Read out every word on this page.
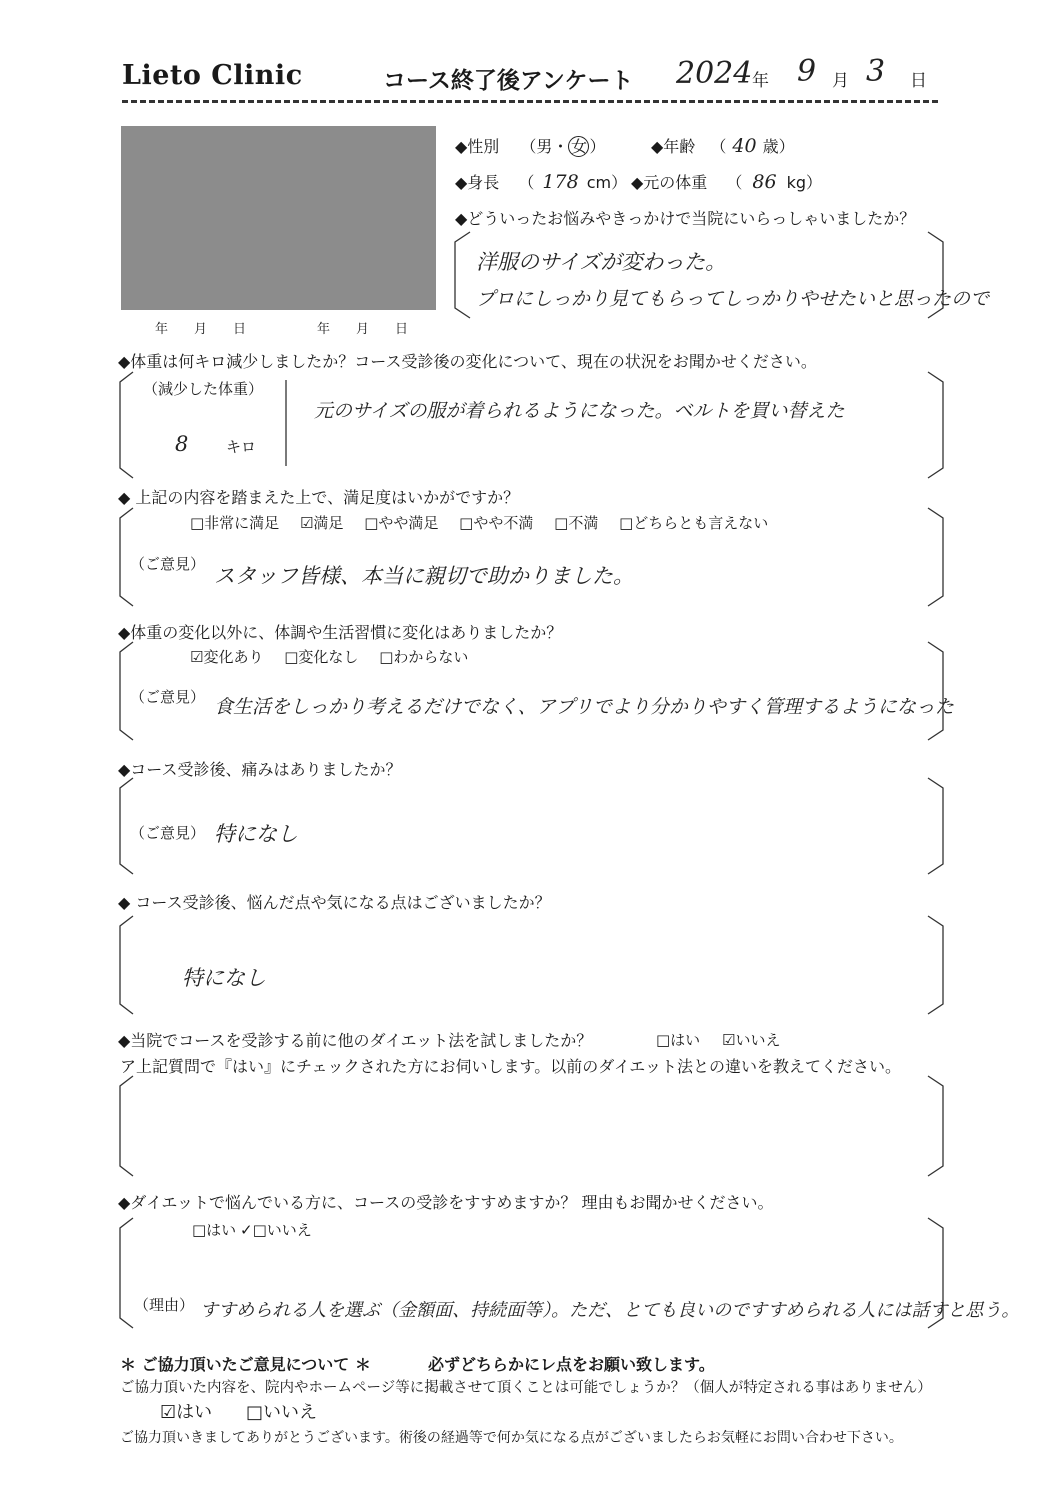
Lieto Clinic	コース終了後アンケート 2024 年 9 月 3 日
年　　月　　日	年　　月　　日
◆性別 （男・ 女 ）	◆年齢 （ 40 歳）
◆身長 （ 178 cm） ◆元の体重 （ 86 kg）
◆どういったお悩みやきっかけで当院にいらっしゃいましたか？
洋服のサイズが変わった。
プロにしっかり見てもらってしっかりやせたいと思ったので
◆体重は何キロ減少しましたか？コース受診後の変化について、現在の状況をお聞かせください。
（減少した体重）
8	キロ
元のサイズの服が着られるようになった。ベルトを買い替えた
◆ 上記の内容を踏まえた上で、満足度はいかがですか？
□非常に満足 ☑満足 □やや満足 □やや不満 □不満 □どちらとも言えない
（ご意見） スタッフ皆様、本当に親切で助かりました。
◆体重の変化以外に、体調や生活習慣に変化はありましたか？
☑変化あり □変化なし □わからない
（ご意見） 食生活をしっかり考えるだけでなく、アプリでより分かりやすく管理するようになった
◆コース受診後、痛みはありましたか？
（ご意見） 特になし
◆ コース受診後、悩んだ点や気になる点はございましたか？
特になし
◆当院でコースを受診する前に他のダイエット法を試しましたか？	□はい ☑いいえ
ア上記質問で『はい』にチェックされた方にお伺いします。以前のダイエット法との違いを教えてください。
◆ダイエットで悩んでいる方に、コースの受診をすすめますか？ 理由もお聞かせください。
□はい ✓□いいえ
（理由） すすめられる人を選ぶ（金額面、持続面等）。ただ、とても良いのですすめられる人には話すと思う。
＊ ご協力頂いたご意見について ＊	必ずどちらかにレ点をお願い致します。
ご協力頂いた内容を、院内やホームページ等に掲載させて頂くことは可能でしょうか？（個人が特定される事はありません）
☑はい □いいえ
ご協力頂いきましてありがとうございます。術後の経過等で何か気になる点がございましたらお気軽にお問い合わせ下さい。
